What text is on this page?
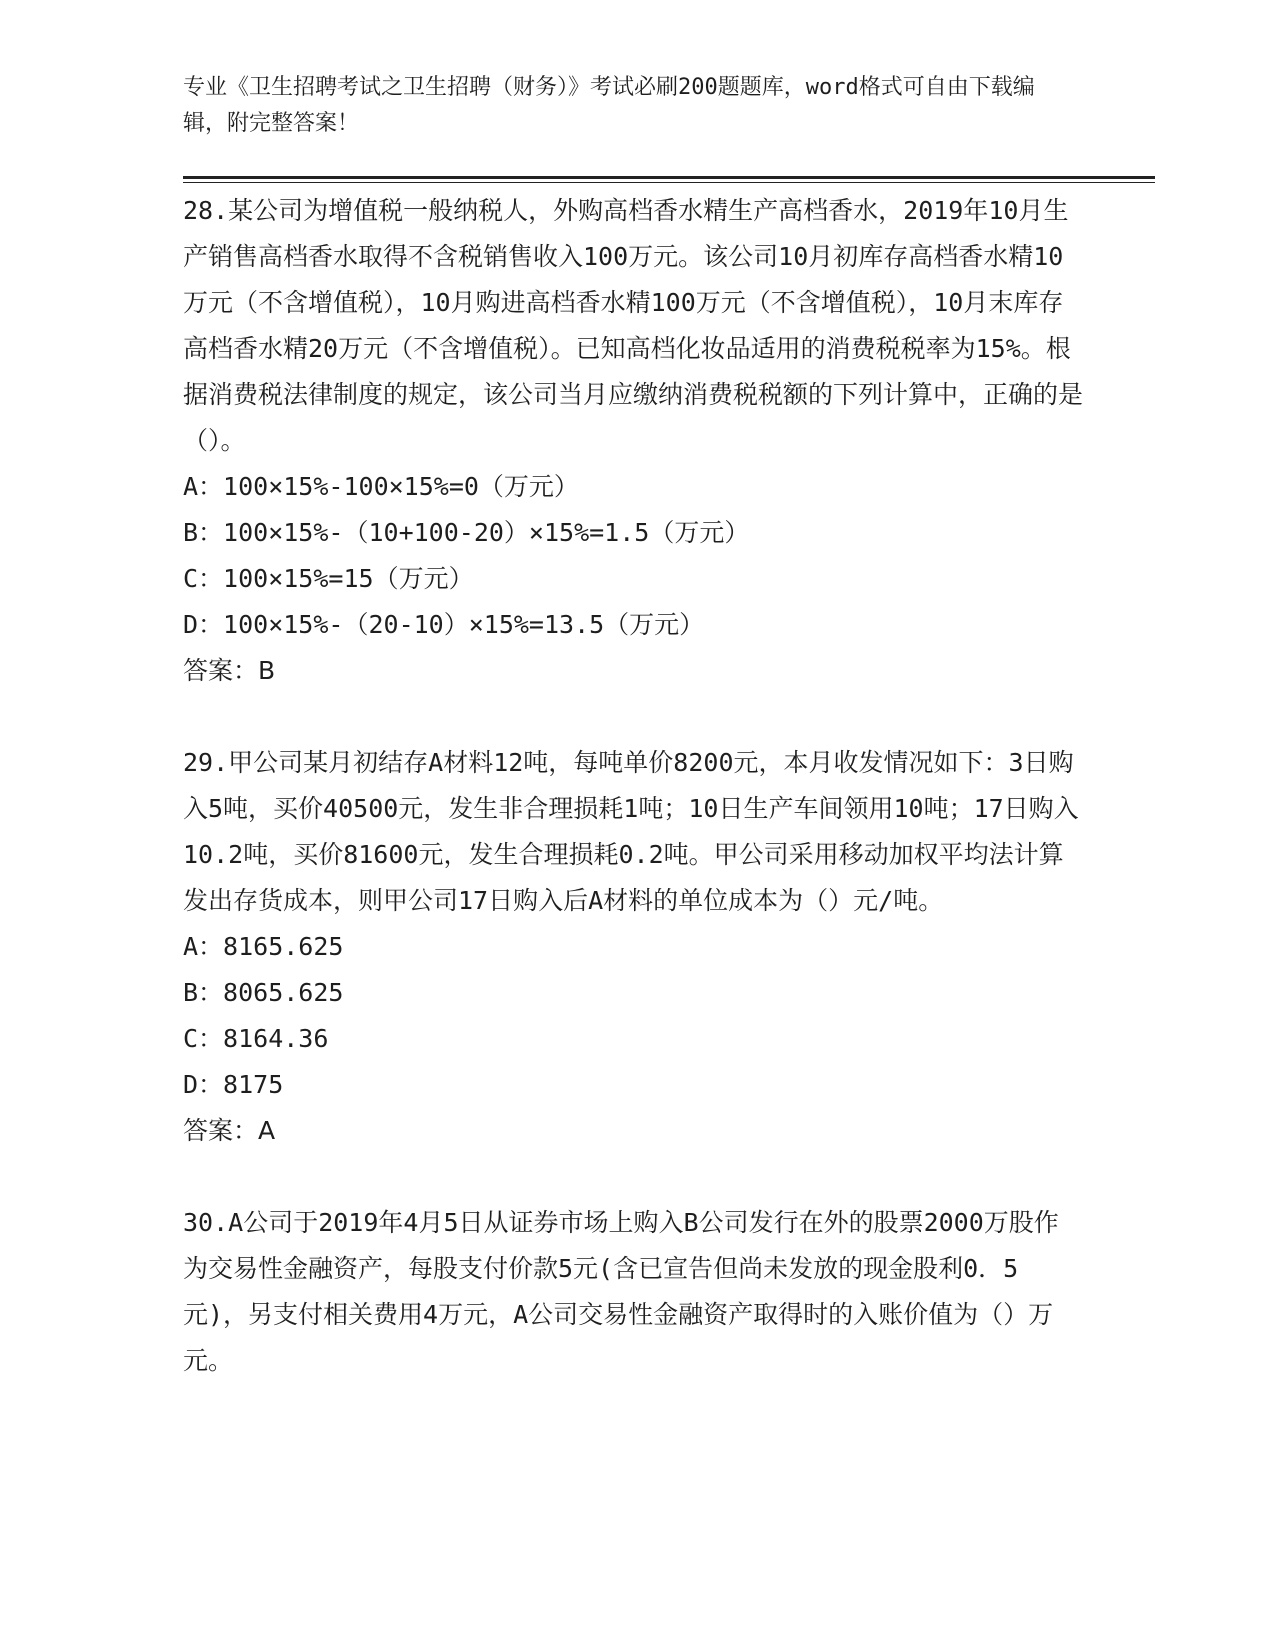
专业《卫生招聘考试之卫生招聘（财务）》考试必刷200题题库，word格式可自由下载编辑，附完整答案！

28.某公司为增值税一般纳税人，外购高档香水精生产高档香水，2019年10月生产销售高档香水取得不含税销售收入100万元。该公司10月初库存高档香水精10万元（不含增值税），10月购进高档香水精100万元（不含增值税），10月末库存高档香水精20万元（不含增值税）。已知高档化妆品适用的消费税税率为15%。根据消费税法律制度的规定，该公司当月应缴纳消费税税额的下列计算中，正确的是（）。

A：100×15%-100×15%=0（万元）

B：100×15%-（10+100-20）×15%=1.5（万元）

C：100×15%=15（万元）

D：100×15%-（20-10）×15%=13.5（万元）

答案：B

29.甲公司某月初结存A材料12吨，每吨单价8200元，本月收发情况如下：3日购入5吨，买价40500元，发生非合理损耗1吨；10日生产车间领用10吨；17日购入10.2吨，买价81600元，发生合理损耗0.2吨。甲公司采用移动加权平均法计算发出存货成本，则甲公司17日购入后A材料的单位成本为（）元/吨。

A：8165.625

B：8065.625

C：8164.36

D：8175

答案：A

30.A公司于2019年4月5日从证券市场上购入B公司发行在外的股票2000万股作为交易性金融资产，每股支付价款5元(含已宣告但尚未发放的现金股利0．5元)，另支付相关费用4万元，A公司交易性金融资产取得时的入账价值为（）万元。
